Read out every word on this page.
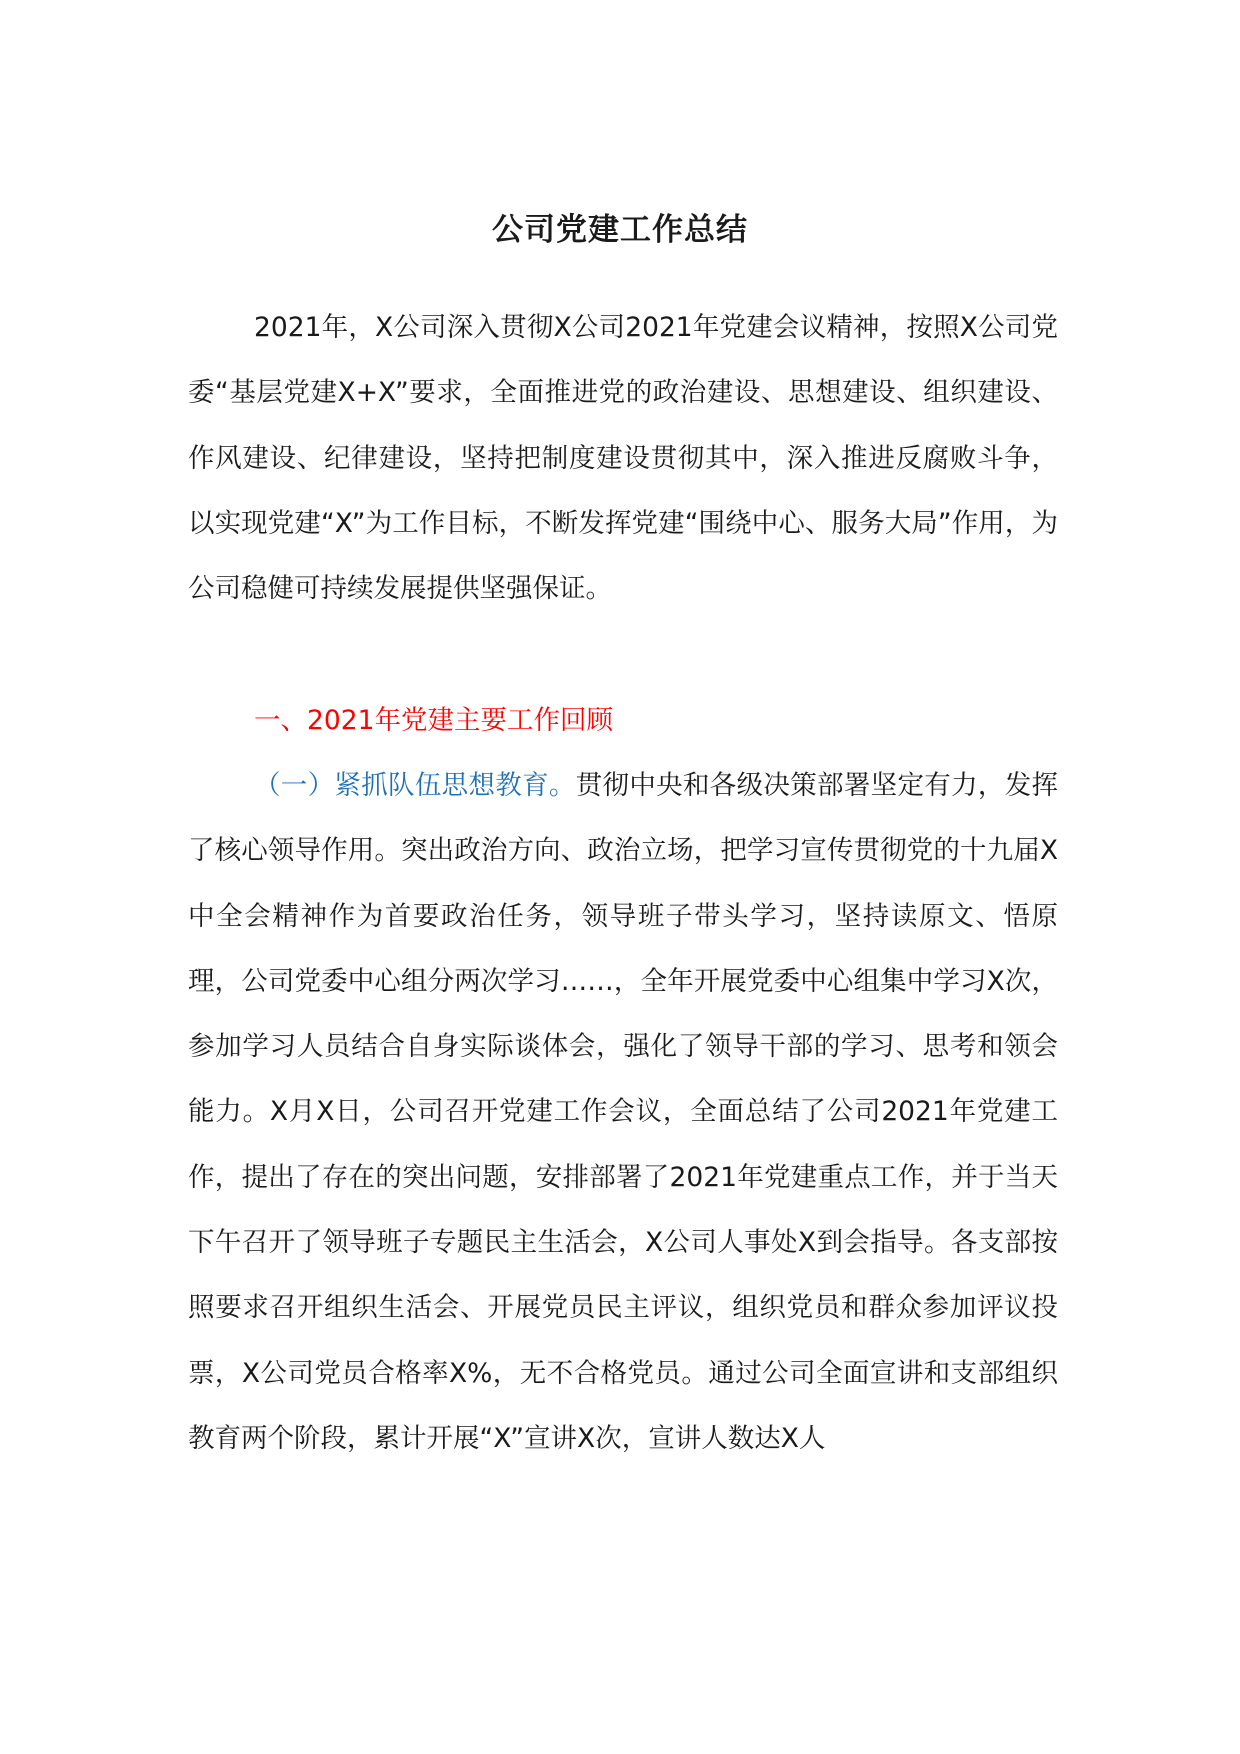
公司党建工作总结
2021年，X公司深入贯彻X公司2021年党建会议精神，按照X公司党委“基层党建X+X”要求，全面推进党的政治建设、思想建设、组织建设、作风建设、纪律建设，坚持把制度建设贯彻其中，深入推进反腐败斗争，以实现党建“X”为工作目标，不断发挥党建“围绕中心、服务大局”作用，为公司稳健可持续发展提供坚强保证。
一、2021年党建主要工作回顾
（一）紧抓队伍思想教育。贯彻中央和各级决策部署坚定有力，发挥了核心领导作用。突出政治方向、政治立场，把学习宣传贯彻党的十九届X中全会精神作为首要政治任务，领导班子带头学习，坚持读原文、悟原理，公司党委中心组分两次学习……，全年开展党委中心组集中学习X次，参加学习人员结合自身实际谈体会，强化了领导干部的学习、思考和领会能力。X月X日，公司召开党建工作会议，全面总结了公司2021年党建工作，提出了存在的突出问题，安排部署了2021年党建重点工作，并于当天下午召开了领导班子专题民主生活会，X公司人事处X到会指导。各支部按照要求召开组织生活会、开展党员民主评议，组织党员和群众参加评议投票，X公司党员合格率X%，无不合格党员。通过公司全面宣讲和支部组织教育两个阶段，累计开展“X”宣讲X次，宣讲人数达X人
